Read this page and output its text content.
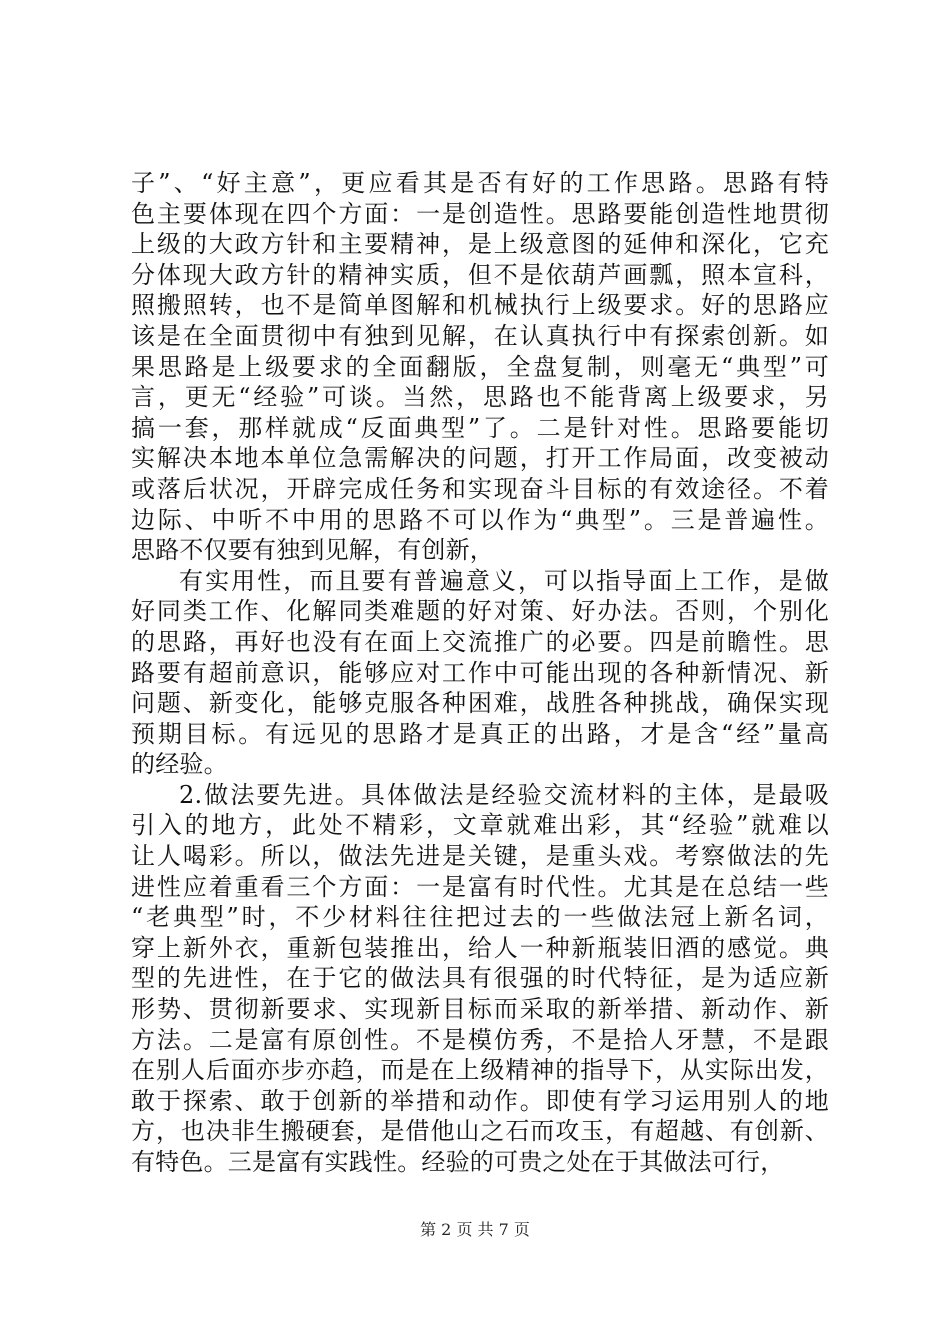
子”、“好主意”，更应看其是否有好的工作思路。思路有特
色主要体现在四个方面：一是创造性。思路要能创造性地贯彻
上级的大政方针和主要精神，是上级意图的延伸和深化，它充
分体现大政方针的精神实质，但不是依葫芦画瓢，照本宣科，
照搬照转，也不是简单图解和机械执行上级要求。好的思路应
该是在全面贯彻中有独到见解，在认真执行中有探索创新。如
果思路是上级要求的全面翻版，全盘复制，则毫无“典型”可
言，更无“经验”可谈。当然，思路也不能背离上级要求，另
搞一套，那样就成“反面典型”了。二是针对性。思路要能切
实解决本地本单位急需解决的问题，打开工作局面，改变被动
或落后状况，开辟完成任务和实现奋斗目标的有效途径。不着
边际、中听不中用的思路不可以作为“典型”。三是普遍性。
思路不仅要有独到见解，有创新，
有实用性，而且要有普遍意义，可以指导面上工作，是做
好同类工作、化解同类难题的好对策、好办法。否则，个别化
的思路，再好也没有在面上交流推广的必要。四是前瞻性。思
路要有超前意识，能够应对工作中可能出现的各种新情况、新
问题、新变化，能够克服各种困难，战胜各种挑战，确保实现
预期目标。有远见的思路才是真正的出路，才是含“经”量高
的经验。
2.做法要先进。具体做法是经验交流材料的主体，是最吸
引入的地方，此处不精彩，文章就难出彩，其“经验”就难以
让人喝彩。所以，做法先进是关键，是重头戏。考察做法的先
进性应着重看三个方面：一是富有时代性。尤其是在总结一些
“老典型”时，不少材料往往把过去的一些做法冠上新名词，
穿上新外衣，重新包装推出，给人一种新瓶装旧酒的感觉。典
型的先进性，在于它的做法具有很强的时代特征，是为适应新
形势、贯彻新要求、实现新目标而采取的新举措、新动作、新
方法。二是富有原创性。不是模仿秀，不是拾人牙慧，不是跟
在别人后面亦步亦趋，而是在上级精神的指导下，从实际出发，
敢于探索、敢于创新的举措和动作。即使有学习运用别人的地
方，也决非生搬硬套，是借他山之石而攻玉，有超越、有创新、
有特色。三是富有实践性。经验的可贵之处在于其做法可行，
第 2 页 共 7 页
